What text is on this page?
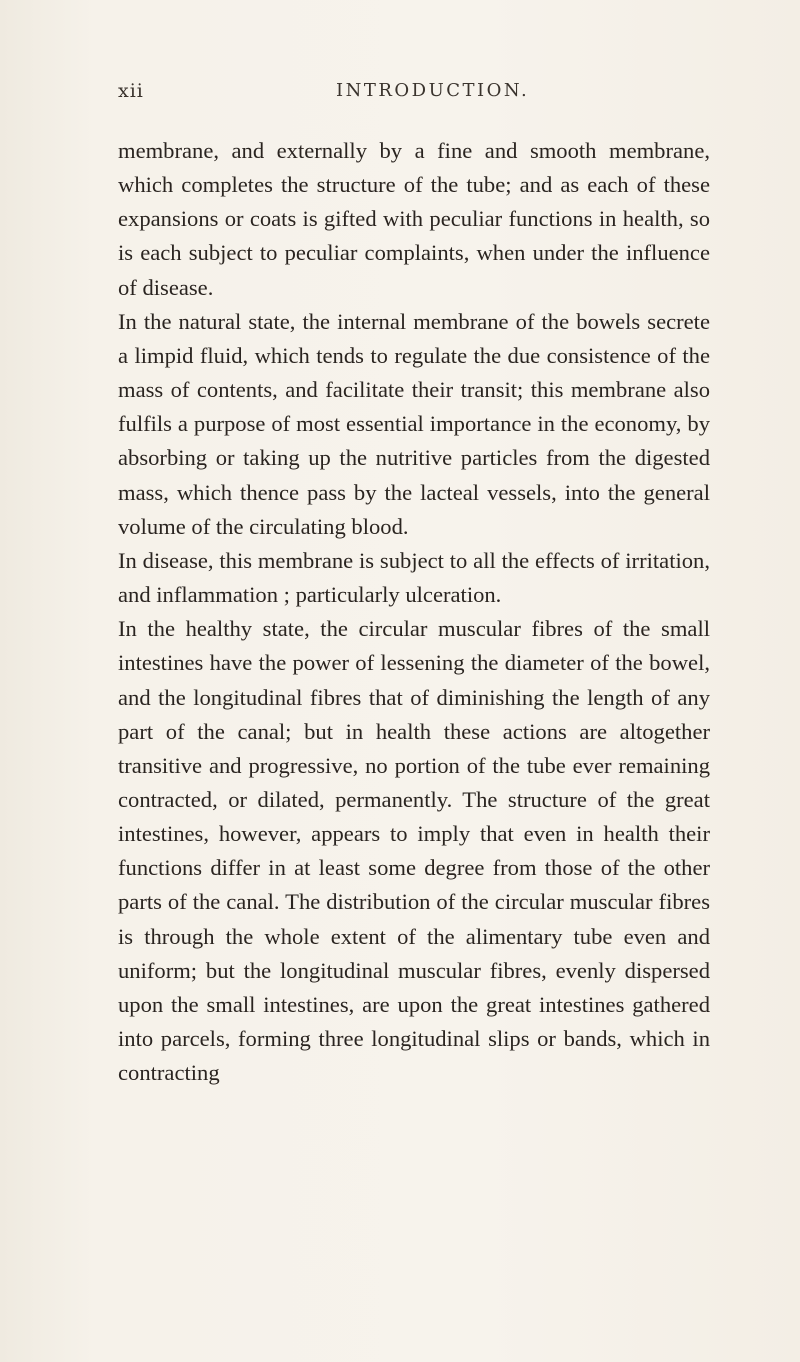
xii	INTRODUCTION.

membrane, and externally by a fine and smooth membrane, which completes the structure of the tube; and as each of these expansions or coats is gifted with peculiar functions in health, so is each subject to peculiar complaints, when under the influence of disease.

In the natural state, the internal membrane of the bowels secrete a limpid fluid, which tends to regulate the due consistence of the mass of contents, and facilitate their transit; this membrane also fulfils a purpose of most essential importance in the economy, by absorbing or taking up the nutritive particles from the digested mass, which thence pass by the lacteal vessels, into the general volume of the circulating blood.

In disease, this membrane is subject to all the effects of irritation, and inflammation ; particularly ulceration.

In the healthy state, the circular muscular fibres of the small intestines have the power of lessening the diameter of the bowel, and the longitudinal fibres that of diminishing the length of any part of the canal; but in health these actions are altogether transitive and progressive, no portion of the tube ever remaining contracted, or dilated, permanently. The structure of the great intestines, however, appears to imply that even in health their functions differ in at least some degree from those of the other parts of the canal. The distribution of the circular muscular fibres is through the whole extent of the alimentary tube even and uniform; but the longitudinal muscular fibres, evenly dispersed upon the small intestines, are upon the great intestines gathered into parcels, forming three longitudinal slips or bands, which in contracting
